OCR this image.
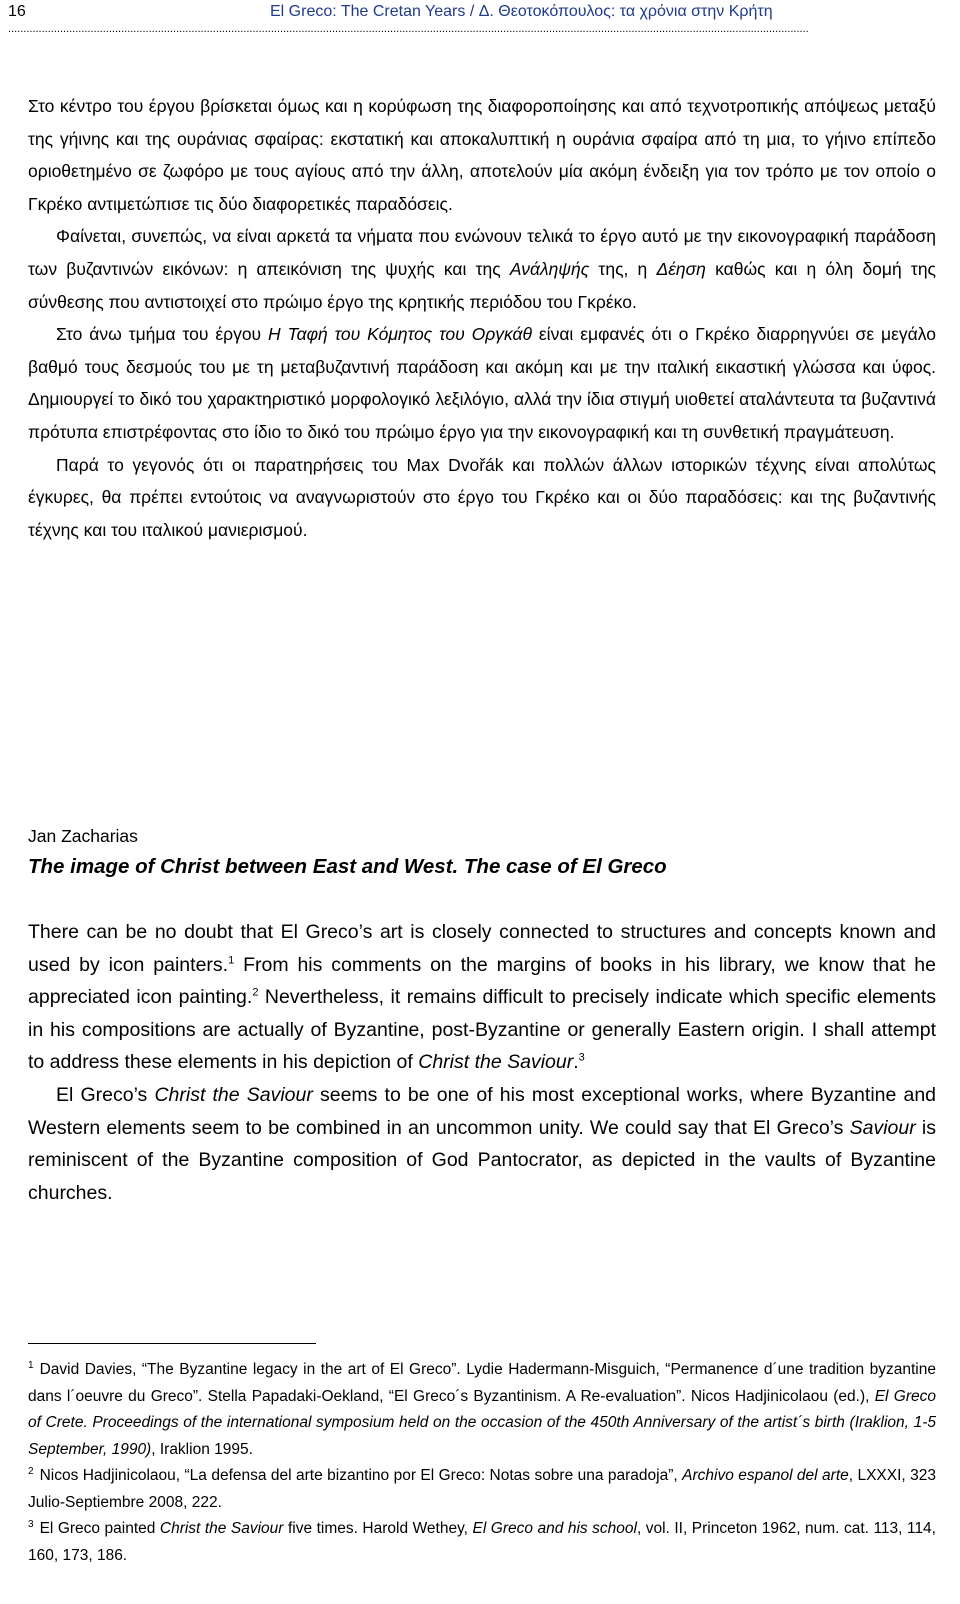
16	El Greco: The Cretan Years / Δ. Θεοτοκόπουλος: τα χρόνια στην Κρήτη
......................................................................................................................................................................................................................................................................

Στο κέντρο του έργου βρίσκεται όμως και η κορύφωση της διαφοροποίησης και από τεχνοτροπικής απόψεως μεταξύ της γήινης και της ουράνιας σφαίρας: εκστατική και αποκαλυπτική η ουράνια σφαίρα από τη μια, το γήινο επίπεδο οριοθετημένο σε ζωφόρο με τους αγίους από την άλλη, αποτελούν μία ακόμη ένδειξη για τον τρόπο με τον οποίο ο Γκρέκο αντιμετώπισε τις δύο διαφορετικές παραδόσεις.

Φαίνεται, συνεπώς, να είναι αρκετά τα νήματα που ενώνουν τελικά το έργο αυτό με την εικονογραφική παράδοση των βυζαντινών εικόνων: η απεικόνιση της ψυχής και της Ανάληψής της, η Δέηση καθώς και η όλη δομή της σύνθεσης που αντιστοιχεί στο πρώιμο έργο της κρητικής περιόδου του Γκρέκο.

Στο άνω τμήμα του έργου Η Ταφή του Κόμητος του Οργκάθ είναι εμφανές ότι ο Γκρέκο διαρρηγνύει σε μεγάλο βαθμό τους δεσμούς του με τη μεταβυζαντινή παράδοση και ακόμη και με την ιταλική εικαστική γλώσσα και ύφος. Δημιουργεί το δικό του χαρακτηριστικό μορφολογικό λεξιλόγιο, αλλά την ίδια στιγμή υιοθετεί αταλάντευτα τα βυζαντινά πρότυπα επιστρέφοντας στο ίδιο το δικό του πρώιμο έργο για την εικονογραφική και τη συνθετική πραγμάτευση.

Παρά το γεγονός ότι οι παρατηρήσεις του Max Dvořák και πολλών άλλων ιστορικών τέχνης είναι απολύτως έγκυρες, θα πρέπει εντούτοις να αναγνωριστούν στο έργο του Γκρέκο και οι δύο παραδόσεις: και της βυζαντινής τέχνης και του ιταλικού μανιερισμού.

Jan Zacharias
The image of Christ between East and West. The case of El Greco

There can be no doubt that El Greco’s art is closely connected to structures and concepts known and used by icon painters.$^1$ From his comments on the margins of books in his library, we know that he appreciated icon painting.$^2$ Nevertheless, it remains difficult to precisely indicate which specific elements in his compositions are actually of Byzantine, post-Byzantine or generally Eastern origin. I shall attempt to address these elements in his depiction of Christ the Saviour.$^3$

El Greco’s Christ the Saviour seems to be one of his most exceptional works, where Byzantine and Western elements seem to be combined in an uncommon unity. We could say that El Greco’s Saviour is reminiscent of the Byzantine composition of God Pantocrator, as depicted in the vaults of Byzantine churches.

$^1$ David Davies, “The Byzantine legacy in the art of El Greco”. Lydie Hadermann-Misguich, “Permanence d´une tradition byzantine dans l´oeuvre du Greco”. Stella Papadaki-Oekland, “El Greco´s Byzantinism. A Re-evaluation”. Nicos Hadjinicolaou (ed.), El Greco of Crete. Proceedings of the international symposium held on the occasion of the 450th Anniversary of the artist´s birth (Iraklion, 1-5 September, 1990), Iraklion 1995.

$^2$ Nicos Hadjinicolaou, “La defensa del arte bizantino por El Greco: Notas sobre una paradoja”, Archivo espanol del arte, LXXXI, 323 Julio-Septiembre 2008, 222.

$^3$ El Greco painted Christ the Saviour five times. Harold Wethey, El Greco and his school, vol. II, Princeton 1962, num. cat. 113, 114, 160, 173, 186.
